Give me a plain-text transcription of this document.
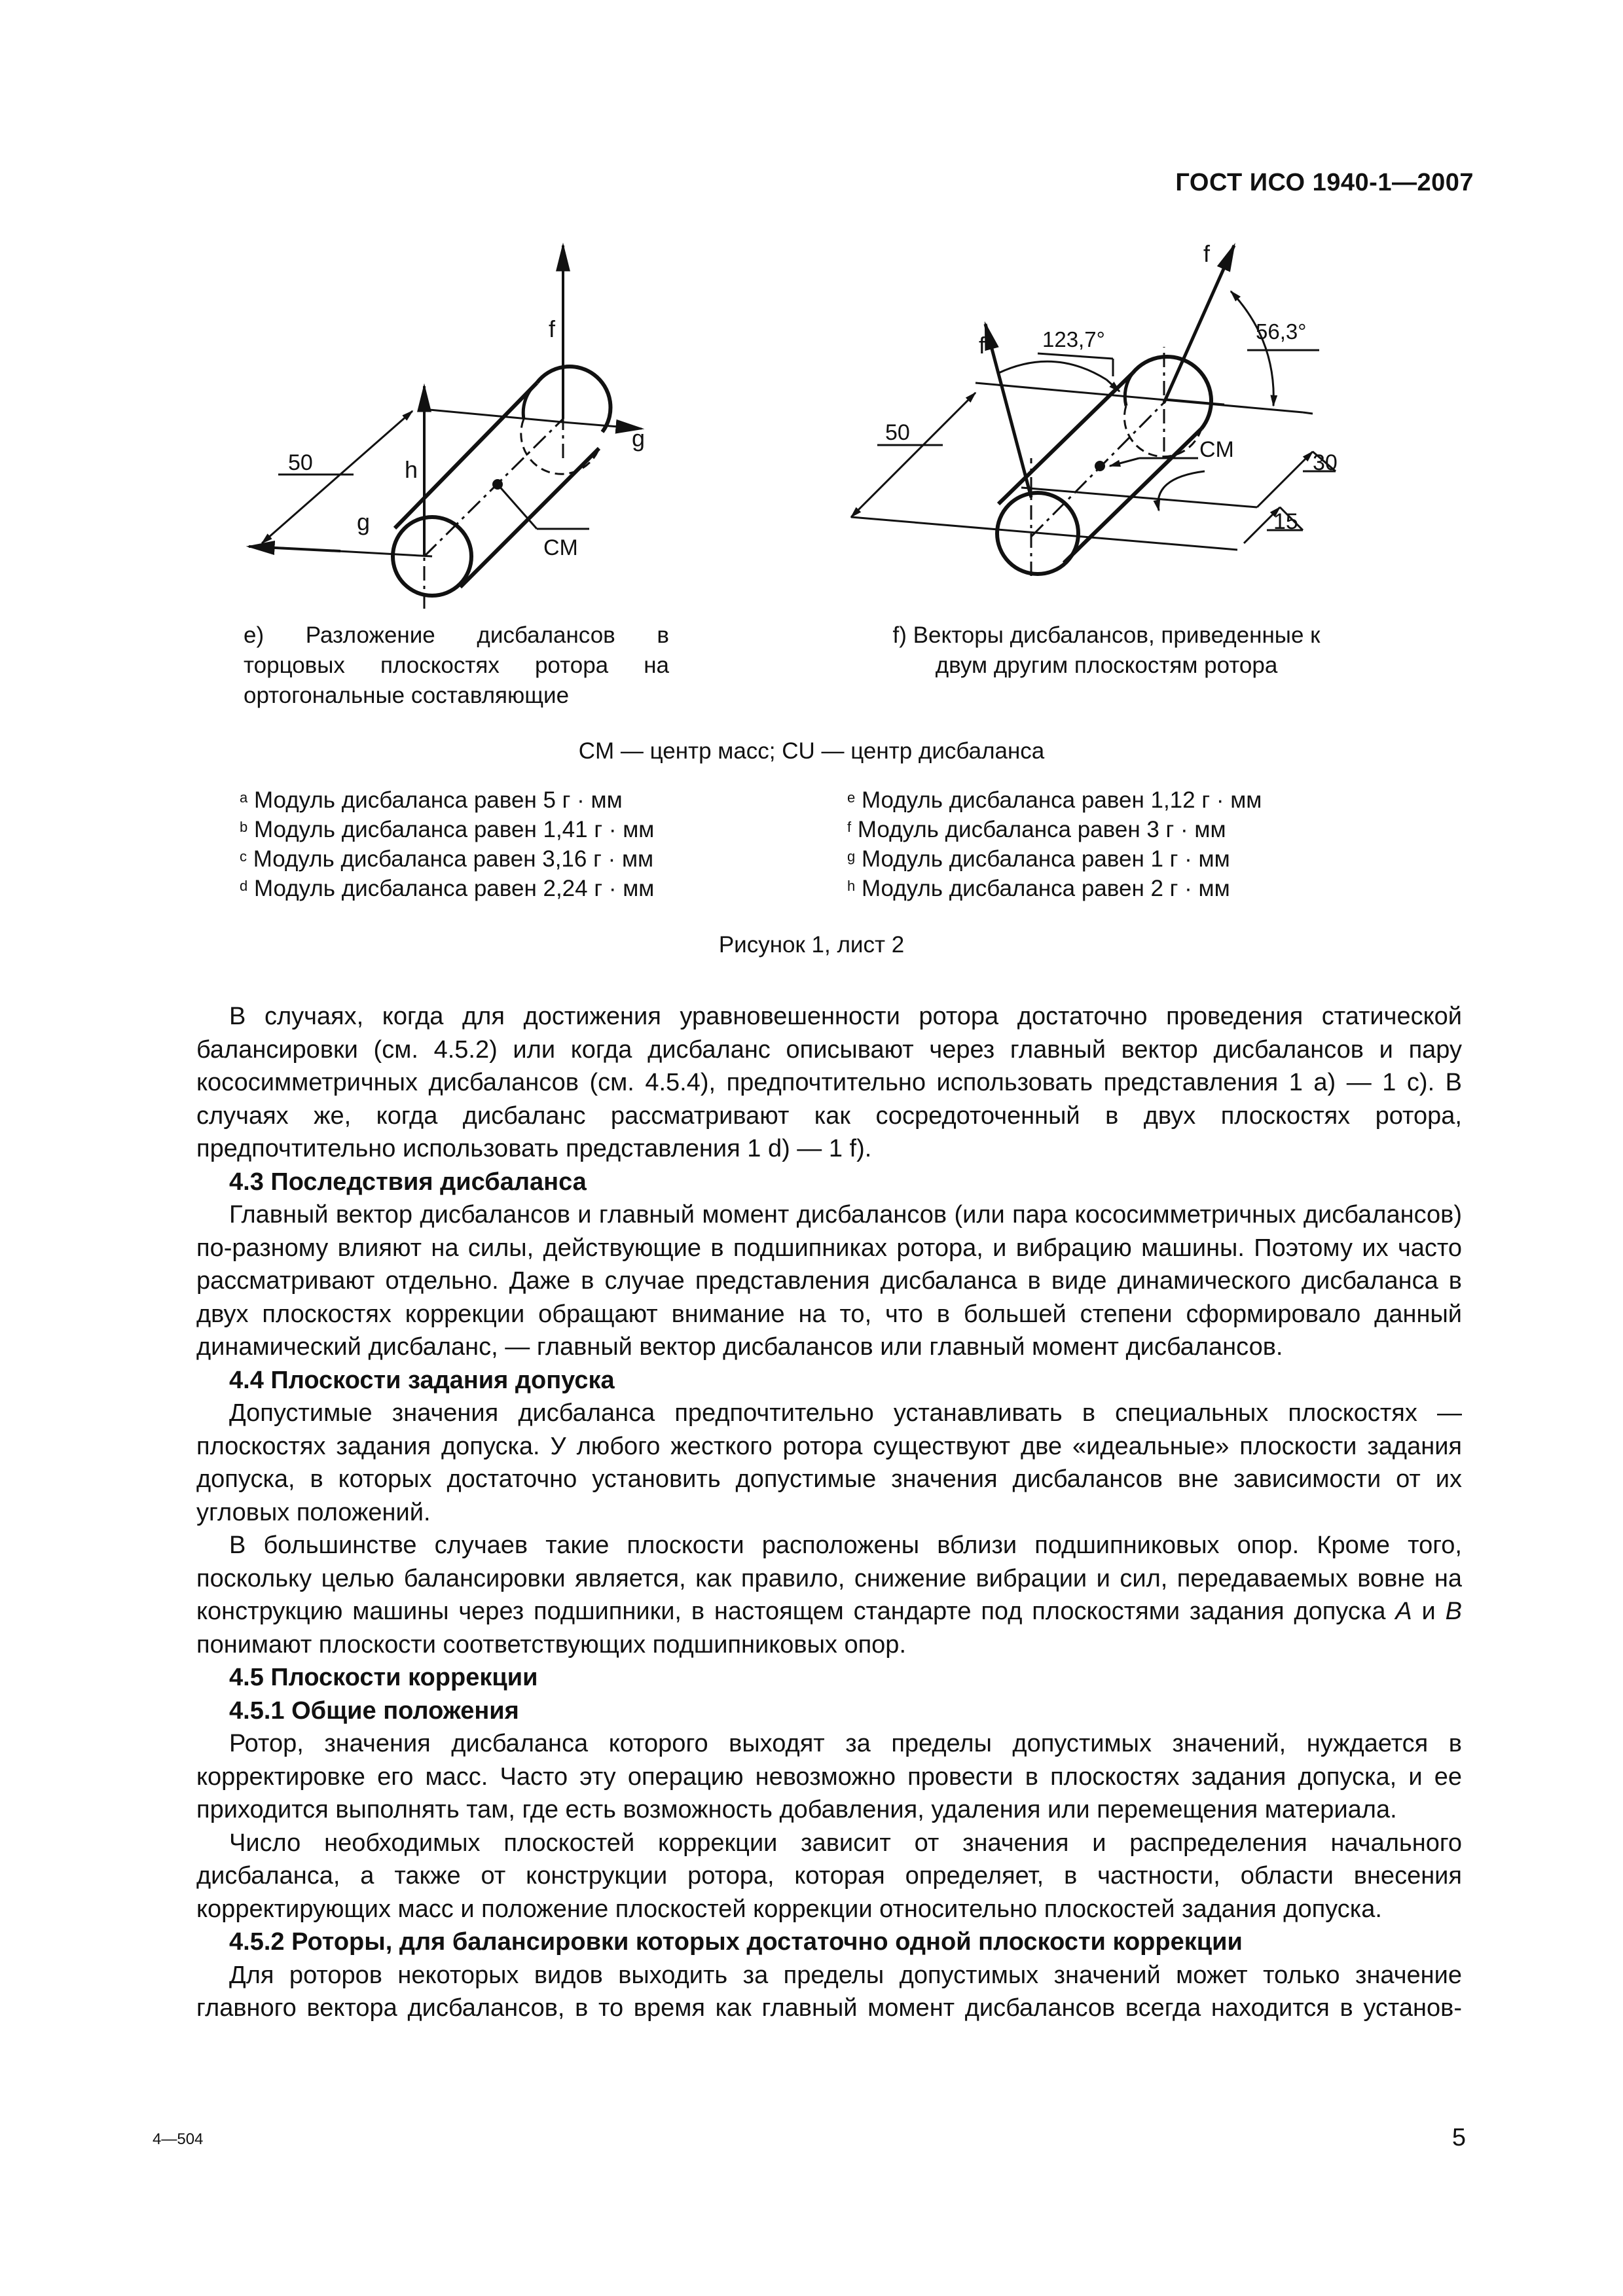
ГОСТ ИСО 1940-1—2007
f
h
g
g
50
CM
f
f	123,7°	56,3°
50
30
15
CM
е) Разложение дисбалансов в торцовых плоскостях ротора на ортогональные составляющие
f) Векторы дисбалансов, приведенные к двум другим плоскостям ротора
CM — центр масс; CU — центр дисбаланса
$^a$ Модуль дисбаланса равен 5 г · мм
$^b$ Модуль дисбаланса равен 1,41 г · мм
$^c$ Модуль дисбаланса равен 3,16 г · мм
$^d$ Модуль дисбаланса равен 2,24 г · мм
$^e$ Модуль дисбаланса равен 1,12 г · мм
$^f$ Модуль дисбаланса равен 3 г · мм
$^g$ Модуль дисбаланса равен 1 г · мм
$^h$ Модуль дисбаланса равен 2 г · мм
Рисунок 1, лист 2

В случаях, когда для достижения уравновешенности ротора достаточно проведения статической балансировки (см. 4.5.2) или когда дисбаланс описывают через главный вектор дисбалансов и пару кососимметричных дисбалансов (см. 4.5.4), предпочтительно использовать представления 1 а) — 1 с). В случаях же, когда дисбаланс рассматривают как сосредоточенный в двух плоскостях ротора, предпочтительно использовать представления 1 d) — 1 f).

4.3 Последствия дисбаланса

Главный вектор дисбалансов и главный момент дисбалансов (или пара кососимметричных дисбалансов) по-разному влияют на силы, действующие в подшипниках ротора, и вибрацию машины. Поэтому их часто рассматривают отдельно. Даже в случае представления дисбаланса в виде динамического дисбаланса в двух плоскостях коррекции обращают внимание на то, что в большей степени сформировало данный динамический дисбаланс, — главный вектор дисбалансов или главный момент дисбалансов.

4.4 Плоскости задания допуска

Допустимые значения дисбаланса предпочтительно устанавливать в специальных плоскостях — плоскостях задания допуска. У любого жесткого ротора существуют две «идеальные» плоскости задания допуска, в которых достаточно установить допустимые значения дисбалансов вне зависимости от их угловых положений.

В большинстве случаев такие плоскости расположены вблизи подшипниковых опор. Кроме того, поскольку целью балансировки является, как правило, снижение вибрации и сил, передаваемых вовне на конструкцию машины через подшипники, в настоящем стандарте под плоскостями задания допуска А и В понимают плоскости соответствующих подшипниковых опор.

4.5 Плоскости коррекции
4.5.1 Общие положения

Ротор, значения дисбаланса которого выходят за пределы допустимых значений, нуждается в корректировке его масс. Часто эту операцию невозможно провести в плоскостях задания допуска, и ее приходится выполнять там, где есть возможность добавления, удаления или перемещения материала.

Число необходимых плоскостей коррекции зависит от значения и распределения начального дисбаланса, а также от конструкции ротора, которая определяет, в частности, области внесения корректирующих масс и положение плоскостей коррекции относительно плоскостей задания допуска.

4.5.2 Роторы, для балансировки которых достаточно одной плоскости коррекции

Для роторов некоторых видов выходить за пределы допустимых значений может только значение главного вектора дисбалансов, в то время как главный момент дисбалансов всегда находится в установ-

4—504	5
